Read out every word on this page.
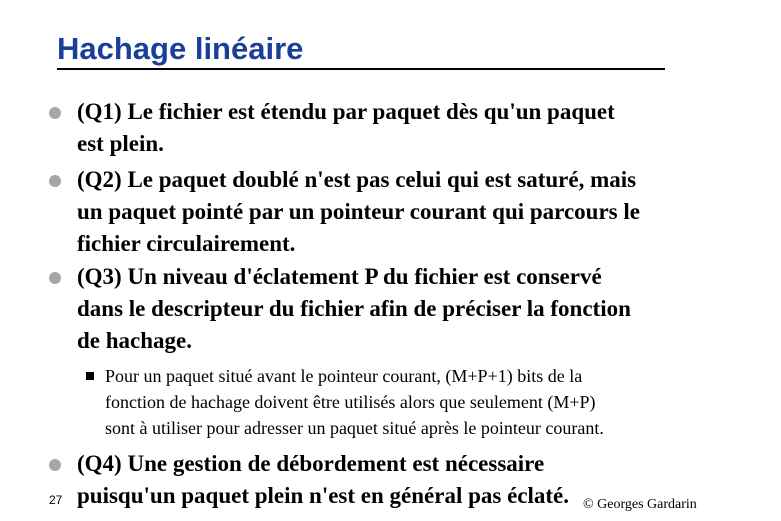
Hachage linéaire
(Q1) Le fichier est étendu par paquet dès qu'un paquet
est plein.
(Q2) Le paquet doublé n'est pas celui qui est saturé, mais
un paquet pointé par un pointeur courant qui parcours le
fichier circulairement.
(Q3) Un niveau d'éclatement P du fichier est conservé
dans le descripteur du fichier afin de préciser la fonction
de hachage.
Pour un paquet situé avant le pointeur courant, (M+P+1) bits de la
fonction de hachage doivent être utilisés alors que seulement (M+P)
sont à utiliser pour adresser un paquet situé après le pointeur courant.
(Q4) Une gestion de débordement est nécessaire
puisqu'un paquet plein n'est en général pas éclaté.
27	© Georges Gardarin
